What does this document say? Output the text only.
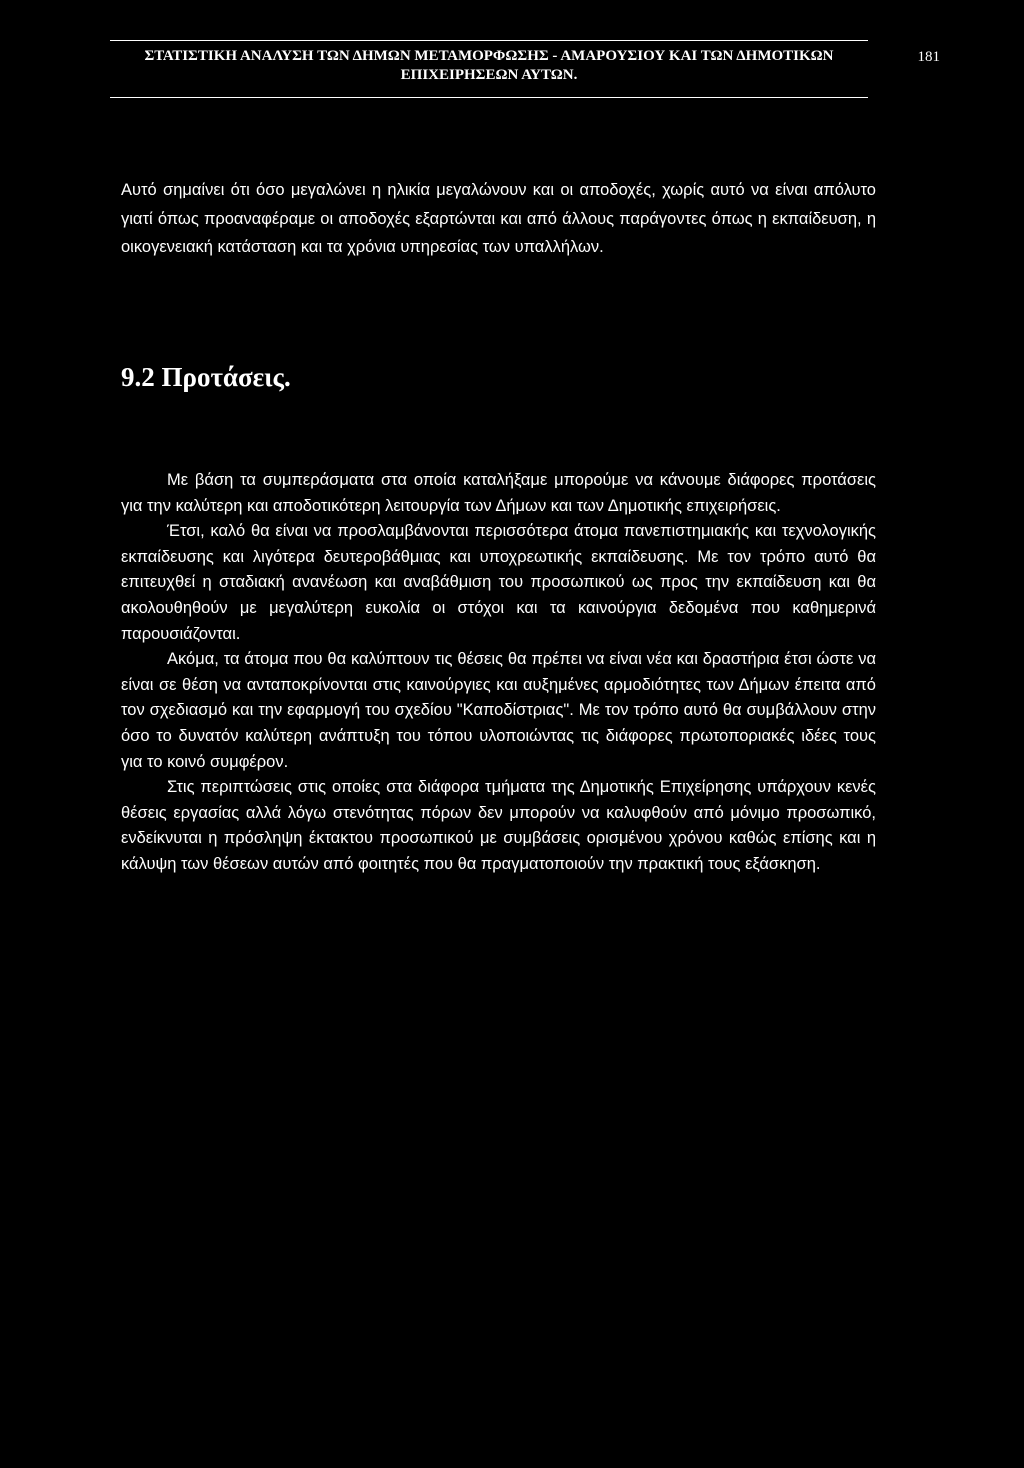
ΣΤΑΤΙΣΤΙΚΗ ΑΝΑΛΥΣΗ ΤΩΝ ΔΗΜΩΝ ΜΕΤΑΜΟΡΦΩΣΗΣ - ΑΜΑΡΟΥΣΙΟΥ ΚΑΙ ΤΩΝ ΔΗΜΟΤΙΚΩΝ ΕΠΙΧΕΙΡΗΣΕΩΝ ΑΥΤΩΝ.
181

Αυτό σημαίνει ότι όσο μεγαλώνει η ηλικία μεγαλώνουν και οι αποδοχές, χωρίς αυτό να είναι απόλυτο γιατί όπως προαναφέραμε οι αποδοχές εξαρτώνται και από άλλους παράγοντες όπως η εκπαίδευση, η οικογενειακή κατάσταση και τα χρόνια υπηρεσίας των υπαλλήλων.

9.2 Προτάσεις.

Με βάση τα συμπεράσματα στα οποία καταλήξαμε μπορούμε να κάνουμε διάφορες προτάσεις για την καλύτερη και αποδοτικότερη λειτουργία των Δήμων και των Δημοτικής επιχειρήσεις.

Έτσι, καλό θα είναι να προσλαμβάνονται περισσότερα άτομα πανεπιστημιακής και τεχνολογικής εκπαίδευσης και λιγότερα δευτεροβάθμιας και υποχρεωτικής εκπαίδευσης. Με τον τρόπο αυτό θα επιτευχθεί η σταδιακή ανανέωση και αναβάθμιση του προσωπικού ως προς την εκπαίδευση και θα ακολουθηθούν με μεγαλύτερη ευκολία οι στόχοι και τα καινούργια δεδομένα που καθημερινά παρουσιάζονται.

Ακόμα, τα άτομα που θα καλύπτουν τις θέσεις θα πρέπει να είναι νέα και δραστήρια έτσι ώστε να είναι σε θέση να ανταποκρίνονται στις καινούργιες και αυξημένες αρμοδιότητες των Δήμων έπειτα από τον σχεδιασμό και την εφαρμογή του σχεδίου "Καποδίστριας". Με τον τρόπο αυτό θα συμβάλλουν στην όσο το δυνατόν καλύτερη ανάπτυξη του τόπου υλοποιώντας τις διάφορες πρωτοποριακές ιδέες τους για το κοινό συμφέρον.

Στις περιπτώσεις στις οποίες στα διάφορα τμήματα της Δημοτικής Επιχείρησης υπάρχουν κενές θέσεις εργασίας αλλά λόγω στενότητας πόρων δεν μπορούν να καλυφθούν από μόνιμο προσωπικό, ενδείκνυται η πρόσληψη έκτακτου προσωπικού με συμβάσεις ορισμένου χρόνου καθώς επίσης και η κάλυψη των θέσεων αυτών από φοιτητές που θα πραγματοποιούν την πρακτική τους εξάσκηση.
